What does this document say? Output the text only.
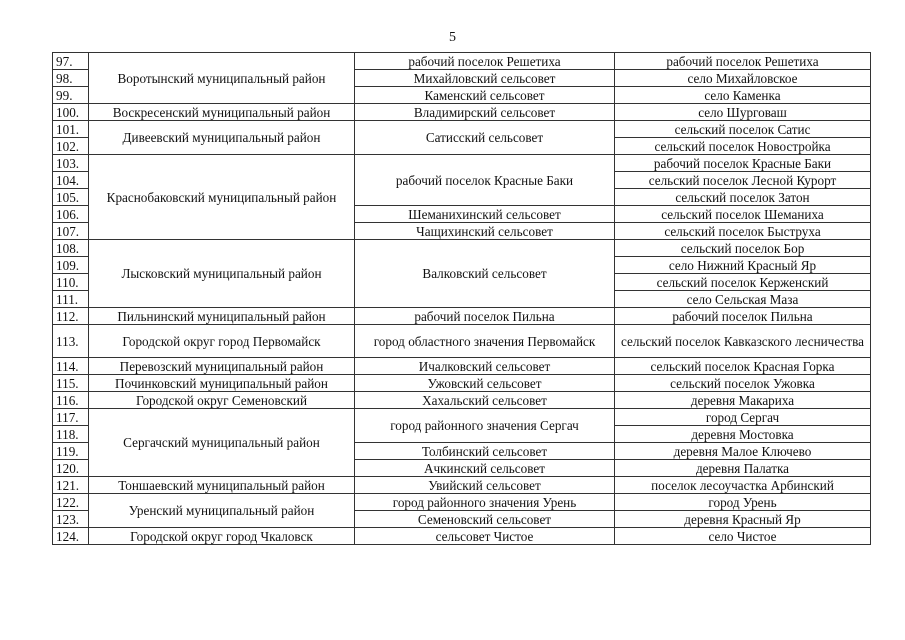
5
97.	Воротынский муниципальный район	рабочий поселок Решетиха	рабочий поселок Решетиха
98.		Михайловский сельсовет	село Михайловское
99.		Каменский сельсовет	село Каменка
100.	Воскресенский муниципальный район	Владимирский сельсовет	село Шурговаш
101.	Дивеевский муниципальный район	Сатисский сельсовет	сельский поселок Сатис
102.			сельский поселок Новостройка
103.	Краснобаковский муниципальный район	рабочий поселок Красные Баки	рабочий поселок Красные Баки
104.			сельский поселок Лесной Курорт
105.			сельский поселок Затон
106.		Шеманихинский сельсовет	сельский поселок Шеманиха
107.		Чащихинский сельсовет	сельский поселок Быструха
108.	Лысковский муниципальный район	Валковский сельсовет	сельский поселок Бор
109.			село Нижний Красный Яр
110.			сельский поселок Керженский
111.			село Сельская Маза
112.	Пильнинский муниципальный район	рабочий поселок Пильна	рабочий поселок Пильна
113.	Городской округ город Первомайск	город областного значения Первомайск	сельский поселок Кавказского лесничества
114.	Перевозский муниципальный район	Ичалковский сельсовет	сельский поселок Красная Горка
115.	Починковский муниципальный район	Ужовский сельсовет	сельский поселок Ужовка
116.	Городской округ Семеновский	Хахальский сельсовет	деревня Макариха
117.	Сергачский муниципальный район	город районного значения Сергач	город Сергач
118.			деревня Мостовка
119.		Толбинский сельсовет	деревня Малое Ключево
120.		Ачкинский сельсовет	деревня Палатка
121.	Тоншаевский муниципальный район	Увийский сельсовет	поселок лесоучастка Арбинский
122.	Уренский муниципальный район	город районного значения Урень	город Урень
123.		Семеновский сельсовет	деревня Красный Яр
124.	Городской округ город Чкаловск	сельсовет Чистое	село Чистое
